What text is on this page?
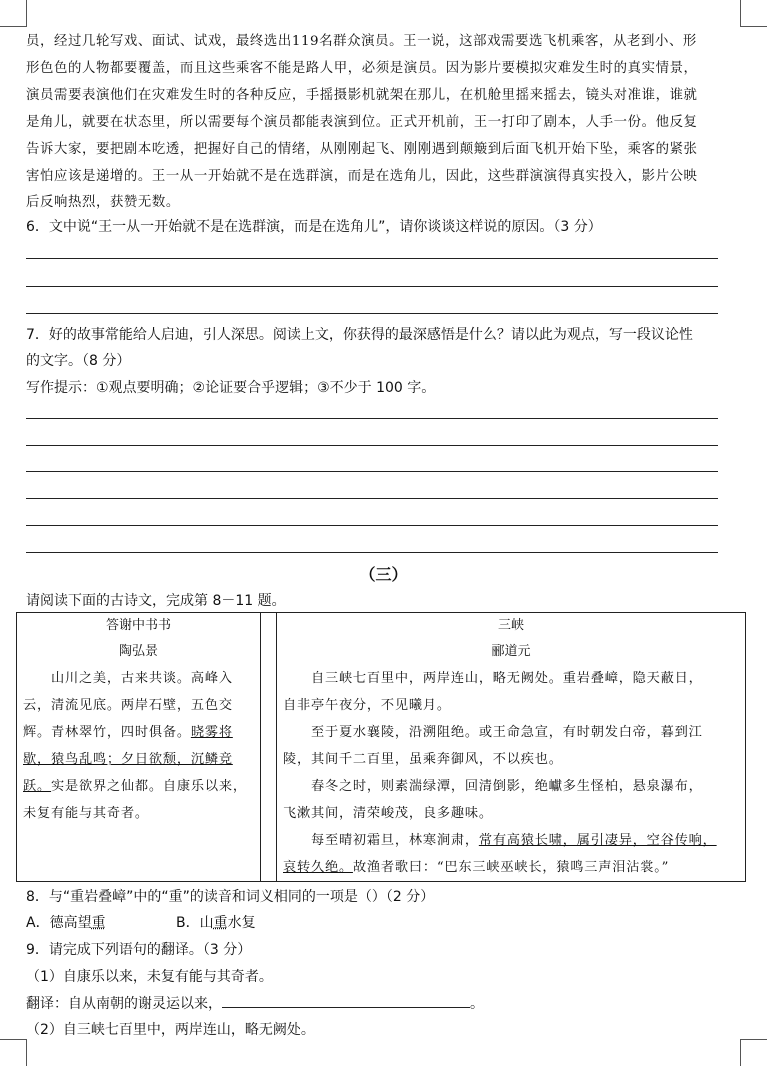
员，经过几轮写戏、面试、试戏，最终选出119名群众演员。王一说，这部戏需要选飞机乘客，从老到小、形
形色色的人物都要覆盖，而且这些乘客不能是路人甲，必须是演员。因为影片要模拟灾难发生时的真实情景，
演员需要表演他们在灾难发生时的各种反应，手摇摄影机就架在那儿，在机舱里摇来摇去，镜头对准谁，谁就
是角儿，就要在状态里，所以需要每个演员都能表演到位。正式开机前，王一打印了剧本，人手一份。他反复
告诉大家，要把剧本吃透，把握好自己的情绪，从刚刚起飞、刚刚遇到颠簸到后面飞机开始下坠，乘客的紧张
害怕应该是递增的。王一从一开始就不是在选群演，而是在选角儿，因此，这些群演演得真实投入，影片公映
后反响热烈，获赞无数。
6．文中说“王一从一开始就不是在选群演，而是在选角儿”，请你谈谈这样说的原因。（3 分）
7．好的故事常能给人启迪，引人深思。阅读上文，你获得的最深感悟是什么？请以此为观点，写一段议论性
的文字。（8 分）
写作提示：①观点要明确；②论证要合乎逻辑；③不少于 100 字。
（三）
请阅读下面的古诗文，完成第 8－11 题。
答谢中书书
陶弘景
　　山川之美，古来共谈。高峰入
云，清流见底。两岸石壁，五色交
辉。青林翠竹，四时俱备。晓雾将
歇，猿鸟乱鸣；夕日欲颓，沉鳞竞
跃。实是欲界之仙都。自康乐以来，
未复有能与其奇者。

三峡
郦道元
　　自三峡七百里中，两岸连山，略无阙处。重岩叠嶂，隐天蔽日，
自非亭午夜分，不见曦月。
　　至于夏水襄陵，沿溯阻绝。或王命急宣，有时朝发白帝，暮到江
陵，其间千二百里，虽乘奔御风，不以疾也。
　　春冬之时，则素湍绿潭，回清倒影，绝巘多生怪柏，悬泉瀑布，
飞漱其间，清荣峻茂，良多趣味。
　　每至晴初霜旦，林寒涧肃，常有高猿长啸，属引凄异，空谷传响，
哀转久绝。故渔者歌曰：“巴东三峡巫峡长，猿鸣三声泪沾裳。”
8．与“重岩叠嶂”中的“重”的读音和词义相同的一项是（）（2 分）
A．德高望重	B．山重水复
9．请完成下列语句的翻译。（3 分）
（1）自康乐以来，未复有能与其奇者。
翻译：自从南朝的谢灵运以来，	。
（2）自三峡七百里中，两岸连山，略无阙处。
